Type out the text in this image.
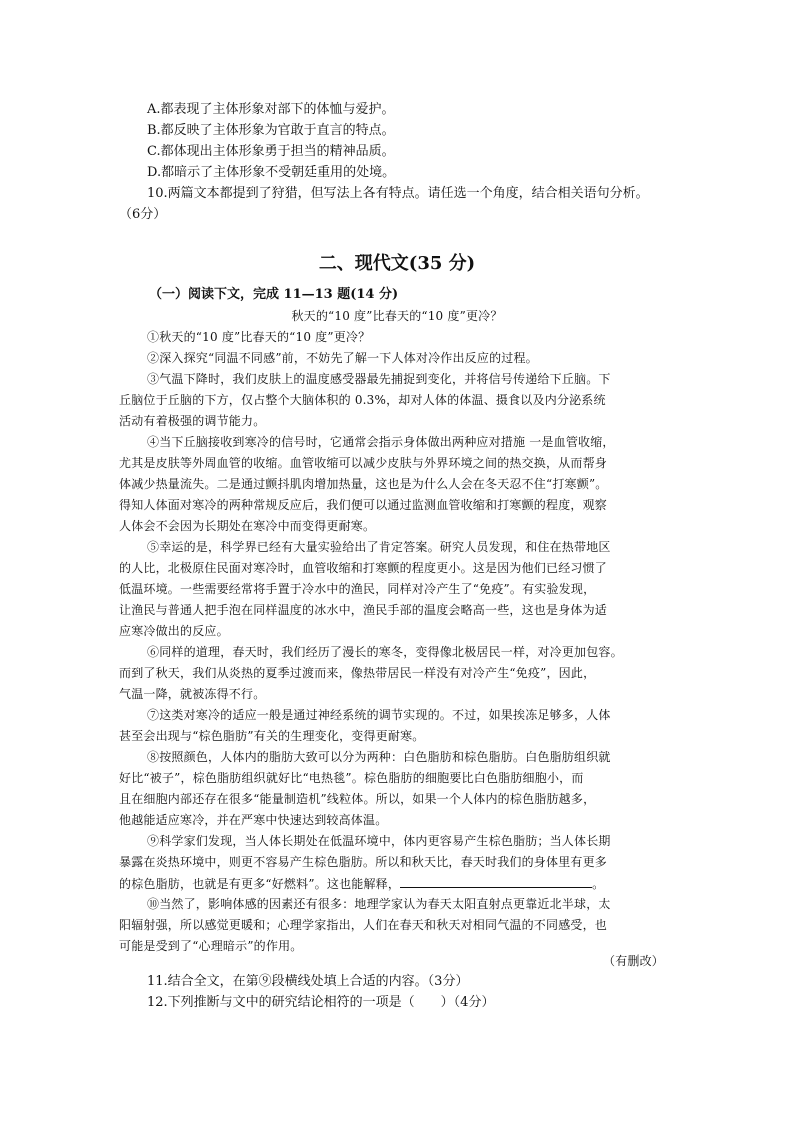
A.都表现了主体形象对部下的体恤与爱护。
B.都反映了主体形象为官敢于直言的特点。
C.都体现出主体形象勇于担当的精神品质。
D.都暗示了主体形象不受朝廷重用的处境。
10.两篇文本都提到了狩猎，但写法上各有特点。请任选一个角度，结合相关语句分析。
（6分）
二、现代文(35 分)
（一）阅读下文，完成 11—13 题(14 分)
秋天的“10 度”比春天的“10 度”更冷？
①秋天的“10 度”比春天的“10 度”更冷？
②深入探究“同温不同感”前，不妨先了解一下人体对冷作出反应的过程。
③气温下降时，我们皮肤上的温度感受器最先捕捉到变化，并将信号传递给下丘脑。下
丘脑位于丘脑的下方，仅占整个大脑体积的 0.3%，却对人体的体温、摄食以及内分泌系统
活动有着极强的调节能力。
④当下丘脑接收到寒冷的信号时，它通常会指示身体做出两种应对措施 一是血管收缩，
尤其是皮肤等外周血管的收缩。血管收缩可以减少皮肤与外界环境之间的热交换，从而帮身
体减少热量流失。二是通过颤抖肌肉增加热量，这也是为什么人会在冬天忍不住“打寒颤”。
得知人体面对寒冷的两种常规反应后，我们便可以通过监测血管收缩和打寒颤的程度，观察
人体会不会因为长期处在寒冷中而变得更耐寒。
⑤幸运的是，科学界已经有大量实验给出了肯定答案。研究人员发现，和住在热带地区
的人比，北极原住民面对寒冷时，血管收缩和打寒颤的程度更小。这是因为他们已经习惯了
低温环境。一些需要经常将手置于冷水中的渔民，同样对冷产生了“免疫”。有实验发现，
让渔民与普通人把手泡在同样温度的冰水中，渔民手部的温度会略高一些，这也是身体为适
应寒冷做出的反应。
⑥同样的道理，春天时，我们经历了漫长的寒冬，变得像北极居民一样，对冷更加包容。
而到了秋天，我们从炎热的夏季过渡而来，像热带居民一样没有对冷产生“免疫”，因此，
气温一降，就被冻得不行。
⑦这类对寒冷的适应一般是通过神经系统的调节实现的。不过，如果挨冻足够多，人体
甚至会出现与“棕色脂肪”有关的生理变化，变得更耐寒。
⑧按照颜色，人体内的脂肪大致可以分为两种：白色脂肪和棕色脂肪。白色脂肪组织就
好比“被子”，棕色脂肪组织就好比“电热毯”。棕色脂肪的细胞要比白色脂肪细胞小，而
且在细胞内部还存在很多“能量制造机”线粒体。所以，如果一个人体内的棕色脂肪越多，
他越能适应寒冷，并在严寒中快速达到较高体温。
⑨科学家们发现，当人体长期处在低温环境中，体内更容易产生棕色脂肪；当人体长期
暴露在炎热环境中，则更不容易产生棕色脂肪。所以和秋天比，春天时我们的身体里有更多
的棕色脂肪，也就是有更多“好燃料”。这也能解释，	。
⑩当然了，影响体感的因素还有很多：地理学家认为春天太阳直射点更靠近北半球，太
阳辐射强，所以感觉更暖和；心理学家指出，人们在春天和秋天对相同气温的不同感受，也
可能是受到了“心理暗示”的作用。
（有删改）
11.结合全文，在第⑨段横线处填上合适的内容。（3分）
12.下列推断与文中的研究结论相符的一项是（　　）（4分）
